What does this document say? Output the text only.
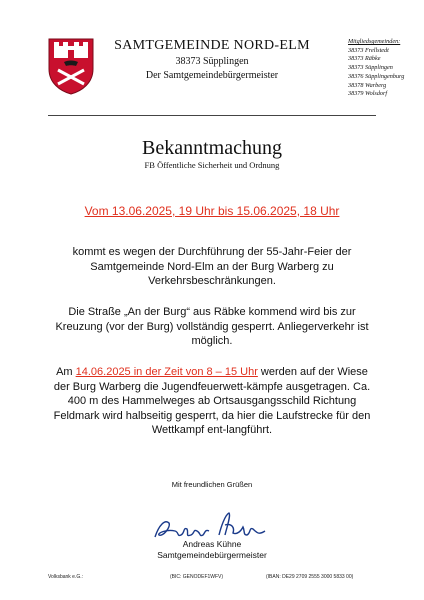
SAMTGEMEINDE NORD-ELM
38373 Süpplingen
Der Samtgemeindebürgermeister
Mitgliedsgemeinden:
38373 Frellstedt
38373 Räbke
38373 Süpplingen
38376 Süpplingenburg
38378 Warberg
38379 Wolsdorf
Bekanntmachung
FB Öffentliche Sicherheit und Ordnung
Vom 13.06.2025, 19 Uhr bis 15.06.2025, 18 Uhr
kommt es wegen der Durchführung der 55-Jahr-Feier der Samtgemeinde Nord-Elm an der Burg Warberg zu Verkehrsbeschränkungen.
Die Straße „An der Burg“ aus Räbke kommend wird bis zur Kreuzung (vor der Burg) vollständig gesperrt. Anliegerverkehr ist möglich.
Am 14.06.2025 in der Zeit von 8 – 15 Uhr werden auf der Wiese der Burg Warberg die Jugendfeuerwett-kämpfe ausgetragen. Ca. 400 m des Hammelweges ab Ortsausgangsschild Richtung Feldmark wird halbseitig gesperrt, da hier die Laufstrecke für den Wettkampf ent-langführt.
Mit freundlichen Grüßen
Andreas Kühne
Samtgemeindebürgermeister
Volksbank e.G.:	(BIC: GENODEF1WFV)	(IBAN: DE29 2709 2555 3000 5833 00)
